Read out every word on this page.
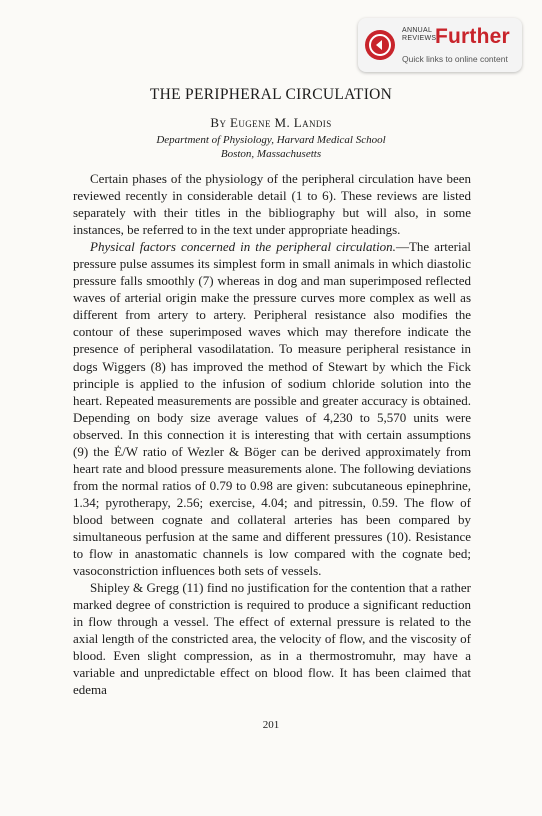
ANNUAL REVIEWS
Further
Quick links to online content
THE PERIPHERAL CIRCULATION
By Eugene M. Landis
Department of Physiology, Harvard Medical School
Boston, Massachusetts

Certain phases of the physiology of the peripheral circulation have been reviewed recently in considerable detail (1 to 6). These reviews are listed separately with their titles in the bibliography but will also, in some instances, be referred to in the text under appropriate headings.

Physical factors concerned in the peripheral circulation.—The arterial pressure pulse assumes its simplest form in small animals in which diastolic pressure falls smoothly (7) whereas in dog and man superimposed reflected waves of arterial origin make the pressure curves more complex as well as different from artery to artery. Peripheral resistance also modifies the contour of these superimposed waves which may therefore indicate the presence of peripheral vasodilatation. To measure peripheral resistance in dogs Wiggers (8) has improved the method of Stewart by which the Fick principle is applied to the infusion of sodium chloride solution into the heart. Repeated measurements are possible and greater accuracy is obtained. Depending on body size average values of 4,230 to 5,570 units were observed. In this connection it is interesting that with certain assumptions (9) the Ė/W ratio of Wezler & Böger can be derived approximately from heart rate and blood pressure measurements alone. The following deviations from the normal ratios of 0.79 to 0.98 are given: subcutaneous epinephrine, 1.34; pyrotherapy, 2.56; exercise, 4.04; and pitressin, 0.59. The flow of blood between cognate and collateral arteries has been compared by simultaneous perfusion at the same and different pressures (10). Resistance to flow in anastomatic channels is low compared with the cognate bed; vasoconstriction influences both sets of vessels.

Shipley & Gregg (11) find no justification for the contention that a rather marked degree of constriction is required to produce a significant reduction in flow through a vessel. The effect of external pressure is related to the axial length of the constricted area, the velocity of flow, and the viscosity of blood. Even slight compression, as in a thermostromuhr, may have a variable and unpredictable effect on blood flow. It has been claimed that edema

201
